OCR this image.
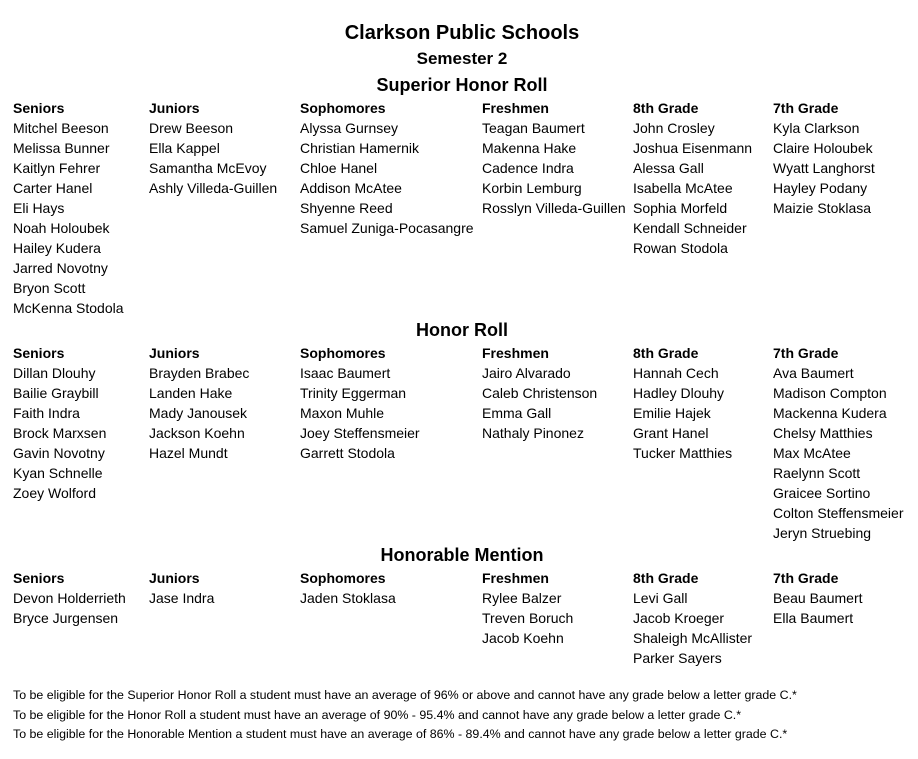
Clarkson Public Schools
Semester 2
Superior Honor Roll
Seniors
Mitchel Beeson
Melissa Bunner
Kaitlyn Fehrer
Carter Hanel
Eli Hays
Noah Holoubek
Hailey Kudera
Jarred Novotny
Bryon Scott
McKenna Stodola
Juniors
Drew Beeson
Ella Kappel
Samantha McEvoy
Ashly Villeda-Guillen
Sophomores
Alyssa Gurnsey
Christian Hamernik
Chloe Hanel
Addison McAtee
Shyenne Reed
Samuel Zuniga-Pocasangre
Freshmen
Teagan Baumert
Makenna Hake
Cadence Indra
Korbin Lemburg
Rosslyn Villeda-Guillen
8th Grade
John Crosley
Joshua Eisenmann
Alessa Gall
Isabella McAtee
Sophia Morfeld
Kendall Schneider
Rowan Stodola
7th Grade
Kyla Clarkson
Claire Holoubek
Wyatt Langhorst
Hayley Podany
Maizie Stoklasa
Honor Roll
Seniors
Dillan Dlouhy
Bailie Graybill
Faith Indra
Brock Marxsen
Gavin Novotny
Kyan Schnelle
Zoey Wolford
Juniors
Brayden Brabec
Landen Hake
Mady Janousek
Jackson Koehn
Hazel Mundt
Sophomores
Isaac Baumert
Trinity Eggerman
Maxon Muhle
Joey Steffensmeier
Garrett Stodola
Freshmen
Jairo Alvarado
Caleb Christenson
Emma Gall
Nathaly Pinonez
8th Grade
Hannah Cech
Hadley Dlouhy
Emilie Hajek
Grant Hanel
Tucker Matthies
7th Grade
Ava Baumert
Madison Compton
Mackenna Kudera
Chelsy Matthies
Max McAtee
Raelynn Scott
Graicee Sortino
Colton Steffensmeier
Jeryn Struebing
Honorable Mention
Seniors
Devon Holderrieth
Bryce Jurgensen
Juniors
Jase Indra
Sophomores
Jaden Stoklasa
Freshmen
Rylee Balzer
Treven Boruch
Jacob Koehn
8th Grade
Levi Gall
Jacob Kroeger
Shaleigh McAllister
Parker Sayers
7th Grade
Beau Baumert
Ella Baumert
To be eligible for the Superior Honor Roll a student must have an average of 96% or above and cannot have any grade below a letter grade C.*
To be eligible for the Honor Roll a student must have an average of 90% - 95.4% and cannot have any grade below a letter grade C.*
To be eligible for the Honorable Mention a student must have an average of 86% - 89.4% and cannot have any grade below a letter grade C.*
